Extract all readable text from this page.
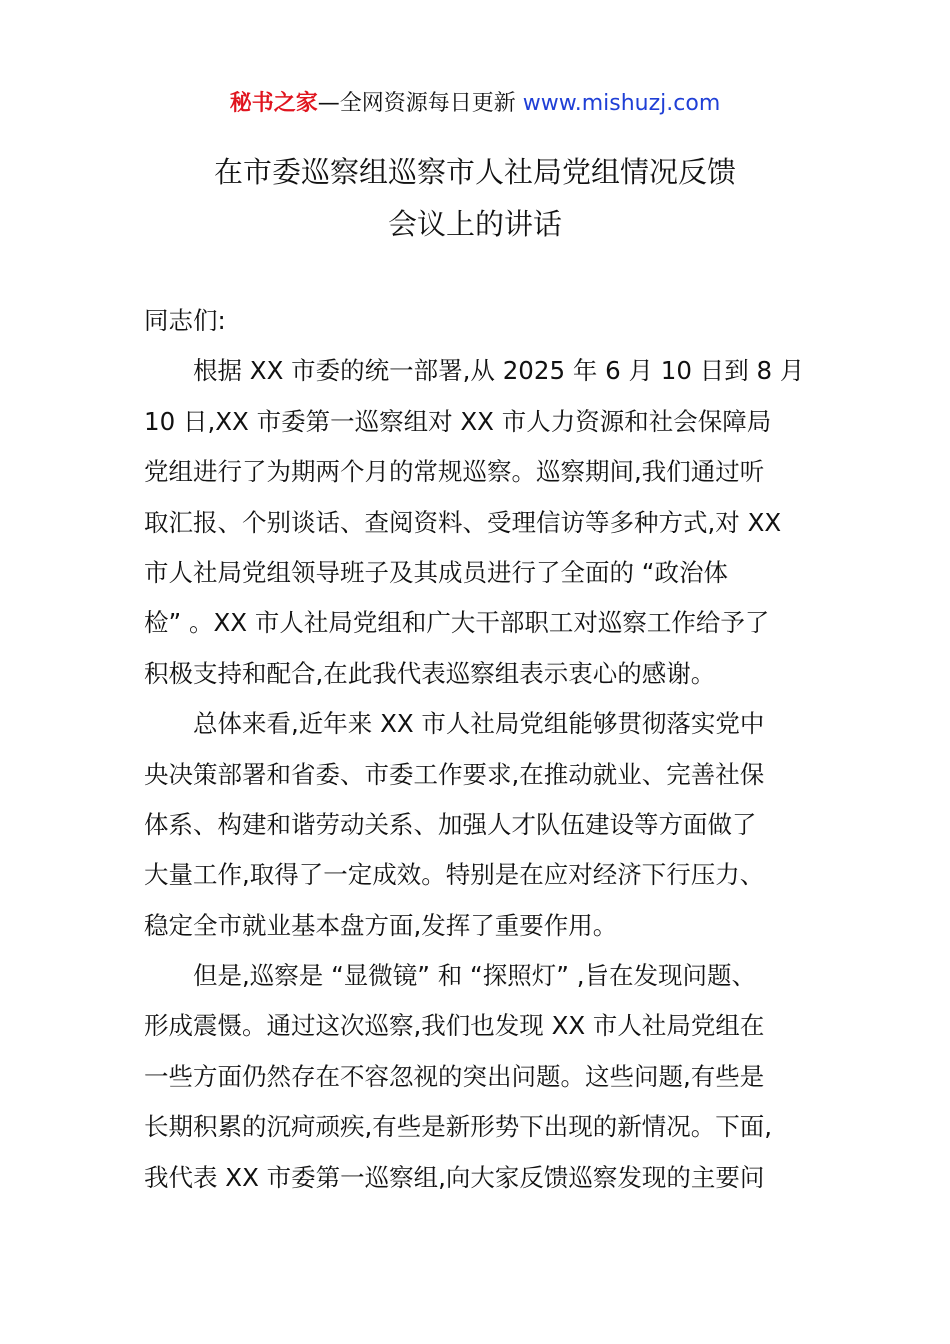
秘书之家—全网资源每日更新 www.mishuzj.com
在市委巡察组巡察市人社局党组情况反馈
会议上的讲话
同志们:
根据 XX 市委的统一部署,从 2025 年 6 月 10 日到 8 月
10 日,XX 市委第一巡察组对 XX 市人力资源和社会保障局
党组进行了为期两个月的常规巡察。巡察期间,我们通过听
取汇报、个别谈话、查阅资料、受理信访等多种方式,对 XX
市人社局党组领导班子及其成员进行了全面的 “政治体
检” 。XX 市人社局党组和广大干部职工对巡察工作给予了
积极支持和配合,在此我代表巡察组表示衷心的感谢。
总体来看,近年来 XX 市人社局党组能够贯彻落实党中
央决策部署和省委、市委工作要求,在推动就业、完善社保
体系、构建和谐劳动关系、加强人才队伍建设等方面做了
大量工作,取得了一定成效。特别是在应对经济下行压力、
稳定全市就业基本盘方面,发挥了重要作用。
但是,巡察是 “显微镜” 和 “探照灯” ,旨在发现问题、
形成震慑。通过这次巡察,我们也发现 XX 市人社局党组在
一些方面仍然存在不容忽视的突出问题。这些问题,有些是
长期积累的沉疴顽疾,有些是新形势下出现的新情况。下面,
我代表 XX 市委第一巡察组,向大家反馈巡察发现的主要问
